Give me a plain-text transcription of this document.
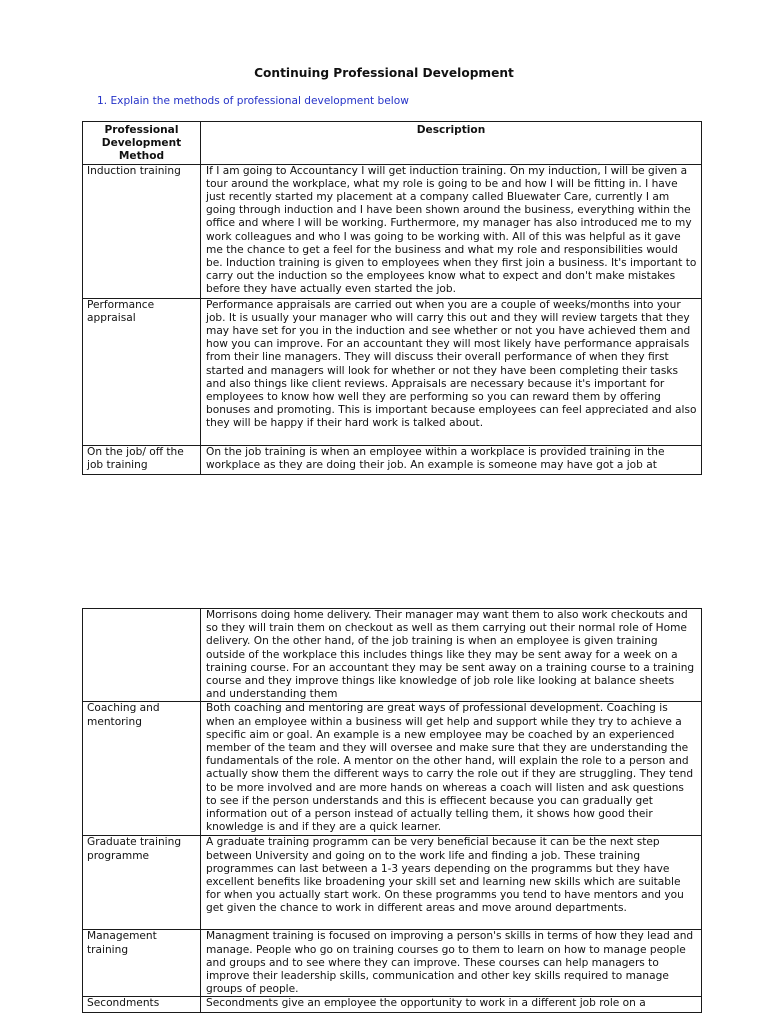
Continuing Professional Development
1. Explain the methods of professional development below
Professional Development Method	Description
Induction training	If I am going to Accountancy I will get induction training. On my induction, I will be given a tour around the workplace, what my role is going to be and how I will be fitting in. I have just recently started my placement at a company called Bluewater Care, currently I am going through induction and I have been shown around the business, everything within the office and where I will be working. Furthermore, my manager has also introduced me to my work colleagues and who I was going to be working with. All of this was helpful as it gave me the chance to get a feel for the business and what my role and responsibilities would be. Induction training is given to employees when they first join a business. It's important to carry out the induction so the employees know what to expect and don't make mistakes before they have actually even started the job.
Performance appraisal	Performance appraisals are carried out when you are a couple of weeks/months into your job. It is usually your manager who will carry this out and they will review targets that they may have set for you in the induction and see whether or not you have achieved them and how you can improve. For an accountant they will most likely have performance appraisals from their line managers. They will discuss their overall performance of when they first started and managers will look for whether or not they have been completing their tasks and also things like client reviews. Appraisals are necessary because it's important for employees to know how well they are performing so you can reward them by offering bonuses and promoting. This is important because employees can feel appreciated and also they will be happy if their hard work is talked about.
On the job/ off the job training	On the job training is when an employee within a workplace is provided training in the workplace as they are doing their job. An example is someone may have got a job at
	Morrisons doing home delivery. Their manager may want them to also work checkouts and so they will train them on checkout as well as them carrying out their normal role of Home delivery. On the other hand, of the job training is when an employee is given training outside of the workplace this includes things like they may be sent away for a week on a training course. For an accountant they may be sent away on a training course to a training course and they improve things like knowledge of job role like looking at balance sheets and understanding them
Coaching and mentoring	Both coaching and mentoring are great ways of professional development. Coaching is when an employee within a business will get help and support while they try to achieve a specific aim or goal. An example is a new employee may be coached by an experienced member of the team and they will oversee and make sure that they are understanding the fundamentals of the role. A mentor on the other hand, will explain the role to a person and actually show them the different ways to carry the role out if they are struggling. They tend to be more involved and are more hands on whereas a coach will listen and ask questions to see if the person understands and this is effiecent because you can gradually get information out of a person instead of actually telling them, it shows how good their knowledge is and if they are a quick learner.
Graduate training programme	A graduate training programm can be very beneficial because it can be the next step between University and going on to the work life and finding a job. These training programmes can last between a 1-3 years depending on the programms but they have excellent benefits like broadening your skill set and learning new skills which are suitable for when you actually start work. On these programms you tend to have mentors and you get given the chance to work in different areas and move around departments.
Management training	Managment training is focused on improving a person's skills in terms of how they lead and manage. People who go on training courses go to them to learn on how to manage people and groups and to see where they can improve. These courses can help managers to improve their leadership skills, communication and other key skills required to manage groups of people.
Secondments	Secondments give an employee the opportunity to work in a different job role on a
